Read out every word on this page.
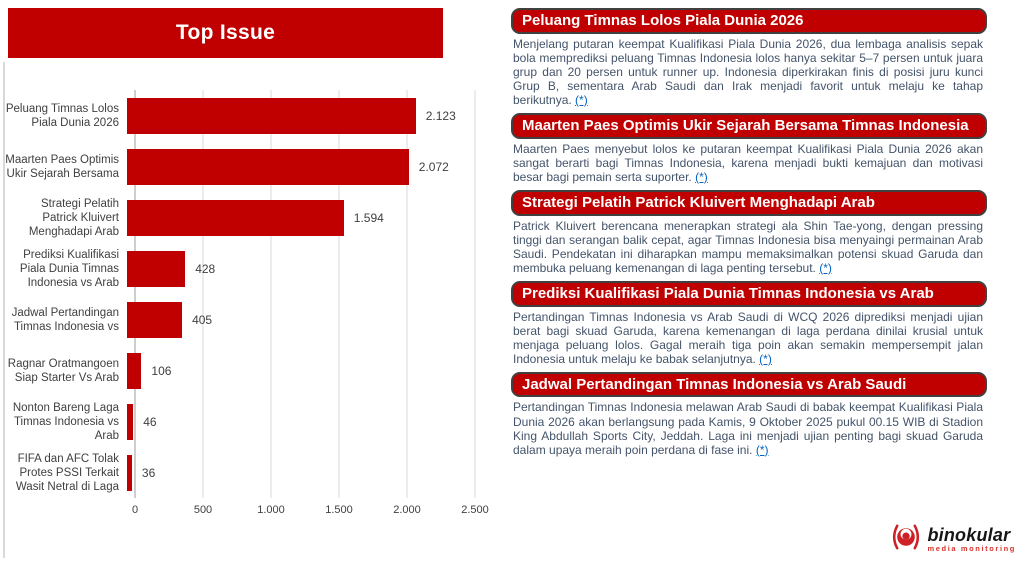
Top Issue
Peluang Timnas Lolos Piala Dunia 2026	2.123
Maarten Paes Optimis Ukir Sejarah Bersama	2.072
Strategi Pelatih Patrick Kluivert Menghadapi Arab
1.594
Prediksi Kualifikasi Piala Dunia Timnas Indonesia vs Arab
428
Jadwal Pertandingan Timnas Indonesia vs	405
Ragnar Oratmangoen Siap Starter Vs Arab	106
Nonton Bareng Laga Timnas Indonesia vs Arab
46
FIFA dan AFC Tolak Protes PSSI Terkait Wasit Netral di Laga
36
0	500	1.000	1.500	2.000	2.500
Peluang Timnas Lolos Piala Dunia 2026
Menjelang putaran keempat Kualifikasi Piala Dunia 2026, dua lembaga analisis sepak bola memprediksi peluang Timnas Indonesia lolos hanya sekitar 5–7 persen untuk juara grup dan 20 persen untuk runner up. Indonesia diperkirakan finis di posisi juru kunci Grup B, sementara Arab Saudi dan Irak menjadi favorit untuk melaju ke tahap berikutnya. (*)
Maarten Paes Optimis Ukir Sejarah Bersama Timnas Indonesia
Maarten Paes menyebut lolos ke putaran keempat Kualifikasi Piala Dunia 2026 akan sangat berarti bagi Timnas Indonesia, karena menjadi bukti kemajuan dan motivasi besar bagi pemain serta suporter. (*)
Strategi Pelatih Patrick Kluivert Menghadapi Arab
Patrick Kluivert berencana menerapkan strategi ala Shin Tae-yong, dengan pressing tinggi dan serangan balik cepat, agar Timnas Indonesia bisa menyaingi permainan Arab Saudi. Pendekatan ini diharapkan mampu memaksimalkan potensi skuad Garuda dan membuka peluang kemenangan di laga penting tersebut. (*)
Prediksi Kualifikasi Piala Dunia Timnas Indonesia vs Arab
Pertandingan Timnas Indonesia vs Arab Saudi di WCQ 2026 diprediksi menjadi ujian berat bagi skuad Garuda, karena kemenangan di laga perdana dinilai krusial untuk menjaga peluang lolos. Gagal meraih tiga poin akan semakin mempersempit jalan Indonesia untuk melaju ke babak selanjutnya. (*)
Jadwal Pertandingan Timnas Indonesia vs Arab Saudi
Pertandingan Timnas Indonesia melawan Arab Saudi di babak keempat Kualifikasi Piala Dunia 2026 akan berlangsung pada Kamis, 9 Oktober 2025 pukul 00.15 WIB di Stadion King Abdullah Sports City, Jeddah. Laga ini menjadi ujian penting bagi skuad Garuda dalam upaya meraih poin perdana di fase ini. (*)
binokular
media monitoring
